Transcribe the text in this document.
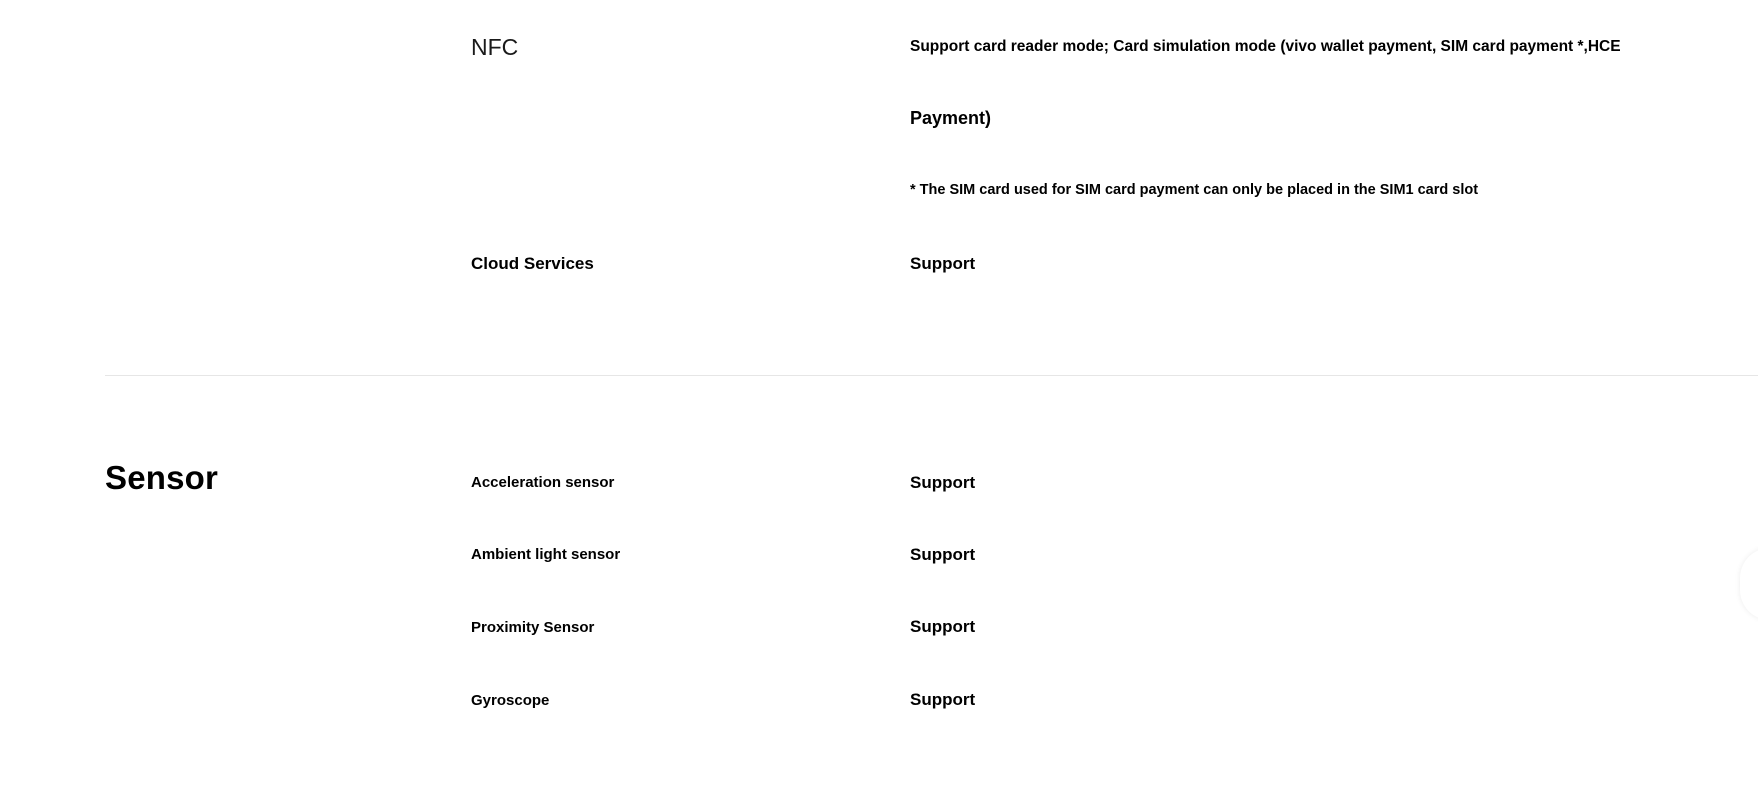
NFC	Support card reader mode; Card simulation mode (vivo wallet payment, SIM card payment *,HCE
Payment)
* The SIM card used for SIM card payment can only be placed in the SIM1 card slot
Cloud Services	Support
Sensor	Acceleration sensor	Support
Ambient light sensor	Support
Proximity Sensor	Support
Gyroscope	Support
